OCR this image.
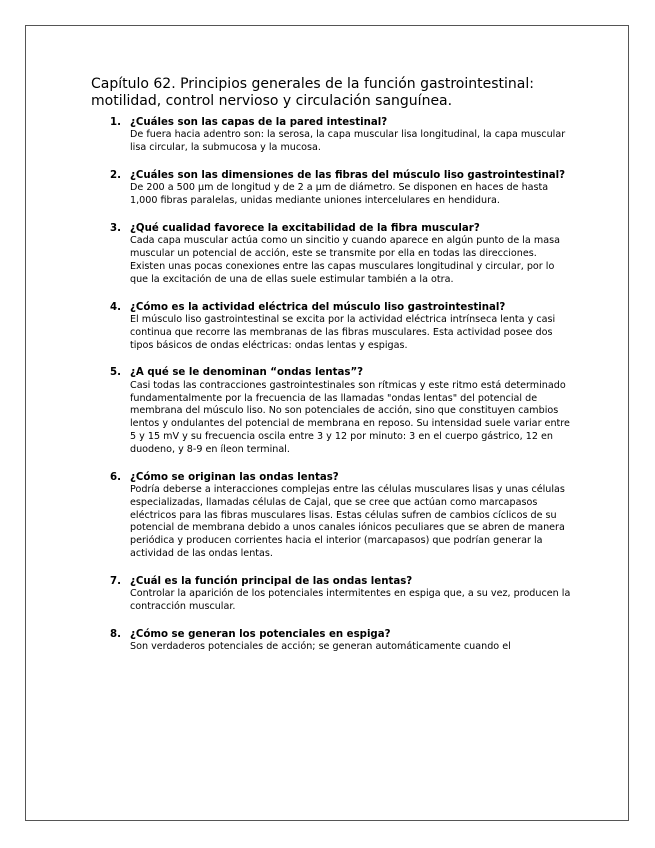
Capítulo 62. Principios generales de la función gastrointestinal: motilidad, control nervioso y circulación sanguínea.
1. ¿Cuáles son las capas de la pared intestinal?

De fuera hacia adentro son: la serosa, la capa muscular lisa longitudinal, la capa muscular lisa circular, la submucosa y la mucosa.

2. ¿Cuáles son las dimensiones de las fibras del músculo liso gastrointestinal?

De 200 a 500 µm de longitud y de 2 a µm de diámetro. Se disponen en haces de hasta 1,000 fibras paralelas, unidas mediante uniones intercelulares en hendidura.

3. ¿Qué cualidad favorece la excitabilidad de la fibra muscular?

Cada capa muscular actúa como un sincitio y cuando aparece en algún punto de la masa muscular un potencial de acción, este se transmite por ella en todas las direcciones.

Existen unas pocas conexiones entre las capas musculares longitudinal y circular, por lo que la excitación de una de ellas suele estimular también a la otra.

4. ¿Cómo es la actividad eléctrica del músculo liso gastrointestinal?

El músculo liso gastrointestinal se excita por la actividad eléctrica intrínseca lenta y casi continua que recorre las membranas de las fibras musculares. Esta actividad posee dos tipos básicos de ondas eléctricas: ondas lentas y espigas.

5. ¿A qué se le denominan “ondas lentas”?

Casi todas las contracciones gastrointestinales son rítmicas y este ritmo está determinado fundamentalmente por la frecuencia de las llamadas "ondas lentas" del potencial de membrana del músculo liso. No son potenciales de acción, sino que constituyen cambios lentos y ondulantes del potencial de membrana en reposo. Su intensidad suele variar entre 5 y 15 mV y su frecuencia oscila entre 3 y 12 por minuto: 3 en el cuerpo gástrico, 12 en duodeno, y 8-9 en íleon terminal.

6. ¿Cómo se originan las ondas lentas?

Podría deberse a interacciones complejas entre las células musculares lisas y unas células especializadas, llamadas células de Cajal, que se cree que actúan como marcapasos eléctricos para las fibras musculares lisas. Estas células sufren de cambios cíclicos de su potencial de membrana debido a unos canales iónicos peculiares que se abren de manera periódica y producen corrientes hacia el interior (marcapasos) que podrían generar la actividad de las ondas lentas.

7. ¿Cuál es la función principal de las ondas lentas?

Controlar la aparición de los potenciales intermitentes en espiga que, a su vez, producen la contracción muscular.

8. ¿Cómo se generan los potenciales en espiga?

Son verdaderos potenciales de acción; se generan automáticamente cuando el
